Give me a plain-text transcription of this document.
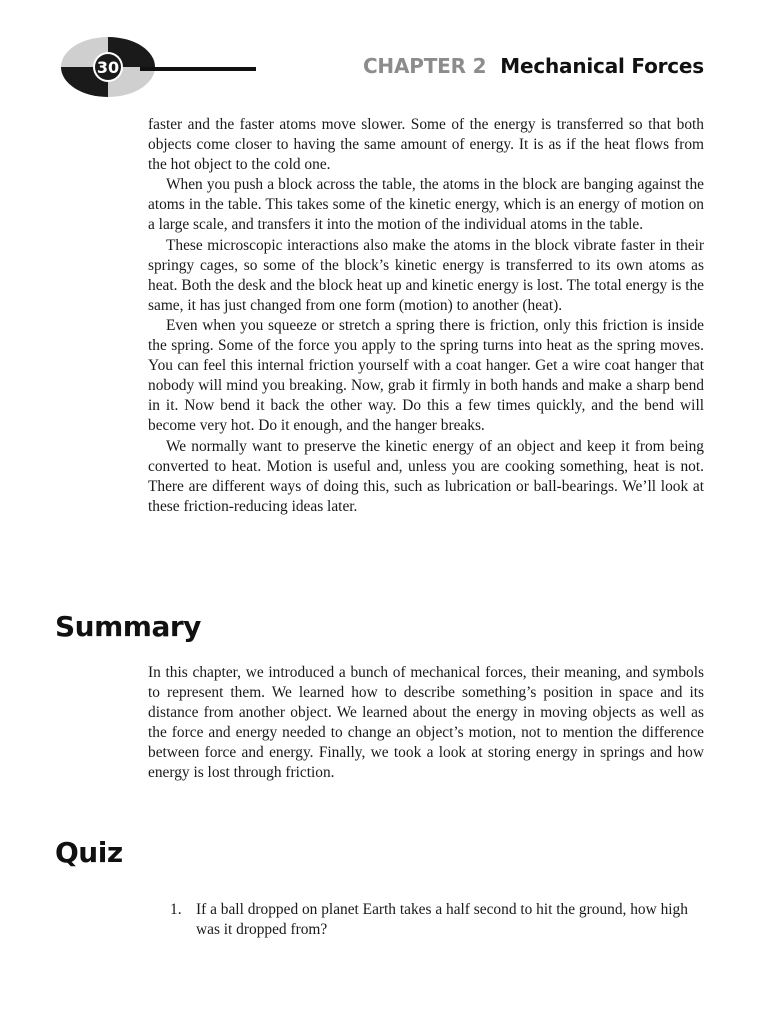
30	CHAPTER 2 Mechanical Forces

faster and the faster atoms move slower. Some of the energy is transferred so that both objects come closer to having the same amount of energy. It is as if the heat flows from the hot object to the cold one.

When you push a block across the table, the atoms in the block are banging against the atoms in the table. This takes some of the kinetic energy, which is an energy of motion on a large scale, and transfers it into the motion of the individual atoms in the table.

These microscopic interactions also make the atoms in the block vibrate faster in their springy cages, so some of the block’s kinetic energy is transferred to its own atoms as heat. Both the desk and the block heat up and kinetic energy is lost. The total energy is the same, it has just changed from one form (motion) to another (heat).

Even when you squeeze or stretch a spring there is friction, only this friction is inside the spring. Some of the force you apply to the spring turns into heat as the spring moves. You can feel this internal friction yourself with a coat hanger. Get a wire coat hanger that nobody will mind you breaking. Now, grab it firmly in both hands and make a sharp bend in it. Now bend it back the other way. Do this a few times quickly, and the bend will become very hot. Do it enough, and the hanger breaks.

We normally want to preserve the kinetic energy of an object and keep it from being converted to heat. Motion is useful and, unless you are cooking something, heat is not. There are different ways of doing this, such as lubrication or ball-bearings. We’ll look at these friction-reducing ideas later.

Summary

In this chapter, we introduced a bunch of mechanical forces, their meaning, and symbols to represent them. We learned how to describe something’s position in space and its distance from another object. We learned about the energy in moving objects as well as the force and energy needed to change an object’s motion, not to mention the difference between force and energy. Finally, we took a look at storing energy in springs and how energy is lost through friction.

Quiz
1. If a ball dropped on planet Earth takes a half second to hit the ground, how high was it dropped from?
